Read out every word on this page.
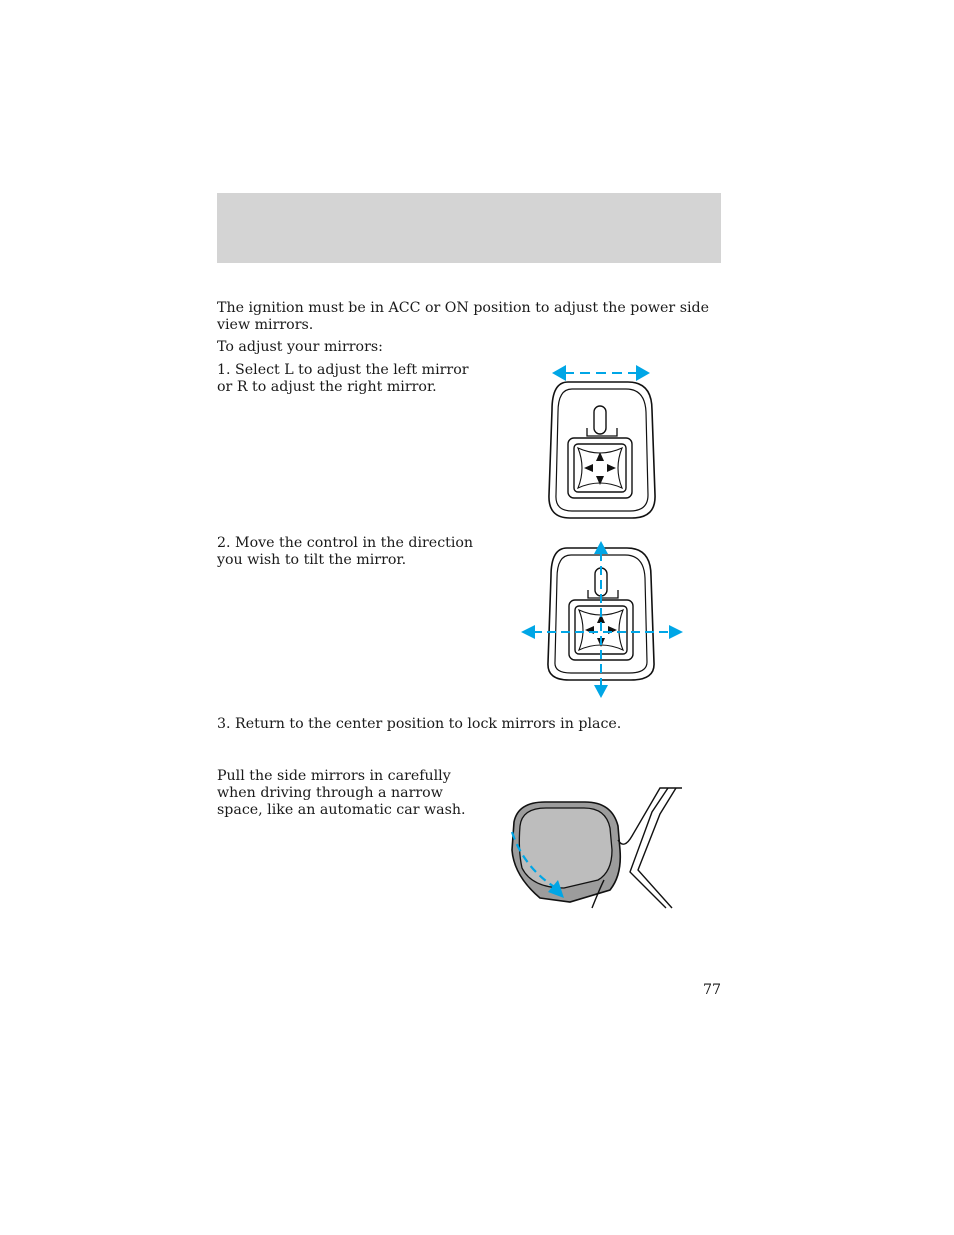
The ignition must be in ACC or ON position to adjust the power side view mirrors.

To adjust your mirrors:

1. Select L to adjust the left mirror
or R to adjust the right mirror.

2. Move the control in the direction
you wish to tilt the mirror.

3. Return to the center position to lock mirrors in place.

Pull the side mirrors in carefully
when driving through a narrow
space, like an automatic car wash.

77
